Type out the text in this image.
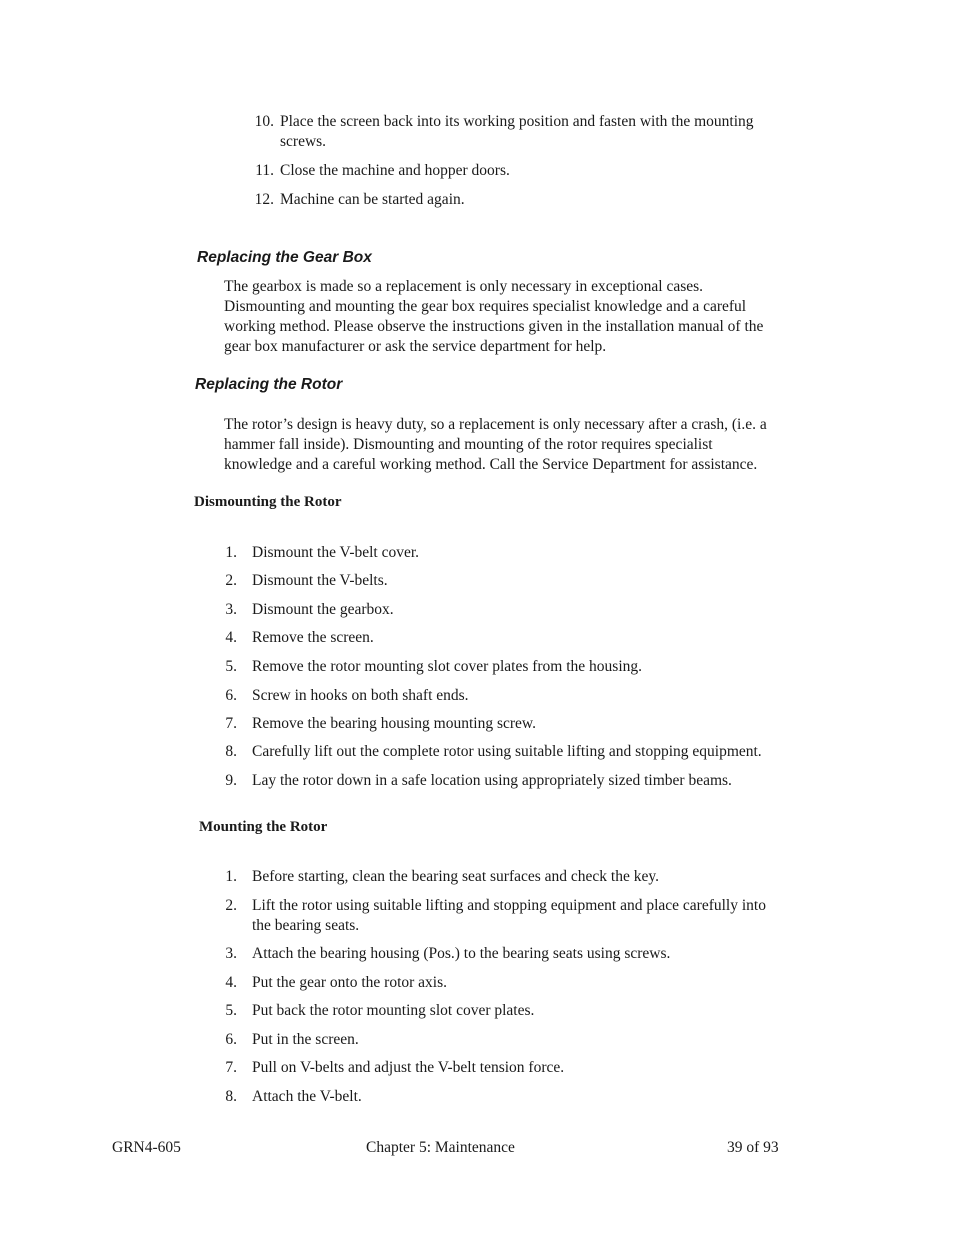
10. Place the screen back into its working position and fasten with the mounting
screws.
11. Close the machine and hopper doors.
12. Machine can be started again.
Replacing the Gear Box
The gearbox is made so a replacement is only necessary in exceptional cases.
Dismounting and mounting the gear box requires specialist knowledge and a careful
working method. Please observe the instructions given in the installation manual of the
gear box manufacturer or ask the service department for help.
Replacing the Rotor
The rotor’s design is heavy duty, so a replacement is only necessary after a crash, (i.e. a
hammer fall inside). Dismounting and mounting of the rotor requires specialist
knowledge and a careful working method. Call the Service Department for assistance.
Dismounting the Rotor
1. Dismount the V-belt cover.
2. Dismount the V-belts.
3. Dismount the gearbox.
4. Remove the screen.
5. Remove the rotor mounting slot cover plates from the housing.
6. Screw in hooks on both shaft ends.
7. Remove the bearing housing mounting screw.
8. Carefully lift out the complete rotor using suitable lifting and stopping equipment.
9. Lay the rotor down in a safe location using appropriately sized timber beams.
Mounting the Rotor
1. Before starting, clean the bearing seat surfaces and check the key.
2. Lift the rotor using suitable lifting and stopping equipment and place carefully into
the bearing seats.
3. Attach the bearing housing (Pos.) to the bearing seats using screws.
4. Put the gear onto the rotor axis.
5. Put back the rotor mounting slot cover plates.
6. Put in the screen.
7. Pull on V-belts and adjust the V-belt tension force.
8. Attach the V-belt.
GRN4-605	Chapter 5: Maintenance	39 of 93
